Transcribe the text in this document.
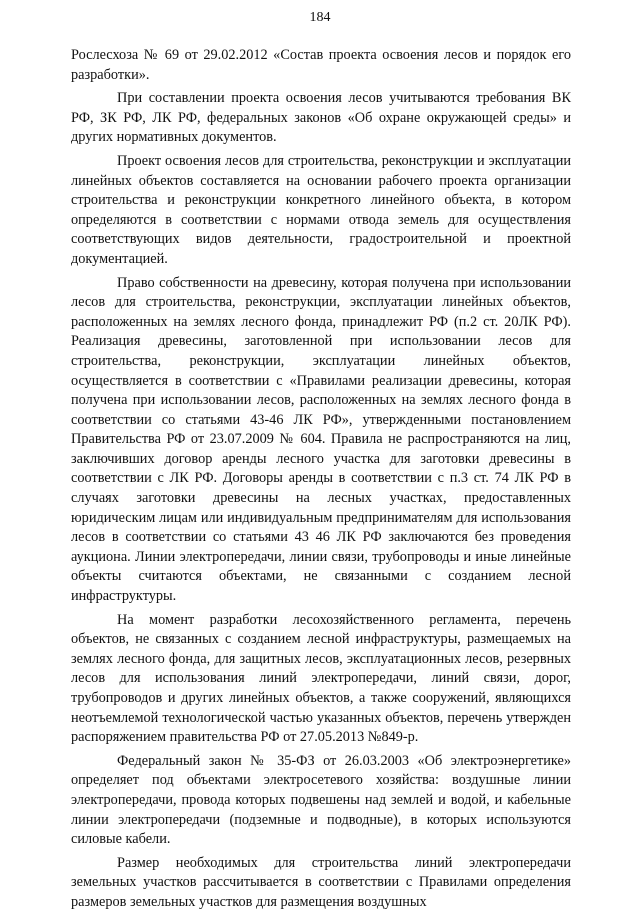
184

Рослесхоза № 69 от 29.02.2012 «Состав проекта освоения лесов и порядок его разработки».

При составлении проекта освоения лесов учитываются требования ВК РФ, ЗК РФ, ЛК РФ, федеральных законов «Об охране окружающей среды» и других нормативных документов.

Проект освоения лесов для строительства, реконструкции и эксплуатации линейных объектов составляется на основании рабочего проекта организации строительства и реконструкции конкретного линейного объекта, в котором определяются в соответствии с нормами отвода земель для осуществления соответствующих видов деятельности, градостроительной и проектной документацией.

Право собственности на древесину, которая получена при использовании лесов для строительства, реконструкции, эксплуатации линейных объектов, расположенных на землях лесного фонда, принадлежит РФ (п.2 ст. 20ЛК РФ). Реализация древесины, заготовленной при использовании лесов для строительства, реконструкции, эксплуатации линейных объектов, осуществляется в соответствии с «Правилами реализации древесины, которая получена при использовании лесов, расположенных на землях лесного фонда в соответствии со статьями 43-46 ЛК РФ», утвержденными постановлением Правительства РФ от 23.07.2009 № 604. Правила не распространяются на лиц, заключивших договор аренды лесного участка для заготовки древесины в соответствии с ЛК РФ. Договоры аренды в соответствии с п.3 ст. 74 ЛК РФ в случаях заготовки древесины на лесных участках, предоставленных юридическим лицам или индивидуальным предпринимателям для использования лесов в соответствии со статьями 43 46 ЛК РФ заключаются без проведения аукциона. Линии электропередачи, линии связи, трубопроводы и иные линейные объекты считаются объектами, не связанными с созданием лесной инфраструктуры.

На момент разработки лесохозяйственного регламента, перечень объектов, не связанных с созданием лесной инфраструктуры, размещаемых на землях лесного фонда, для защитных лесов, эксплуатационных лесов, резервных лесов для использования линий электропередачи, линий связи, дорог, трубопроводов и других линейных объектов, а также сооружений, являющихся неотъемлемой технологической частью указанных объектов, перечень утвержден распоряжением правительства РФ от 27.05.2013 №849-р.

Федеральный закон № 35-ФЗ от 26.03.2003 «Об электроэнергетике» определяет под объектами электросетевого хозяйства: воздушные линии электропередачи, провода которых подвешены над землей и водой, и кабельные линии электропередачи (подземные и подводные), в которых используются силовые кабели.

Размер необходимых для строительства линий электропередачи земельных участков рассчитывается в соответствии с Правилами определения размеров земельных участков для размещения воздушных
